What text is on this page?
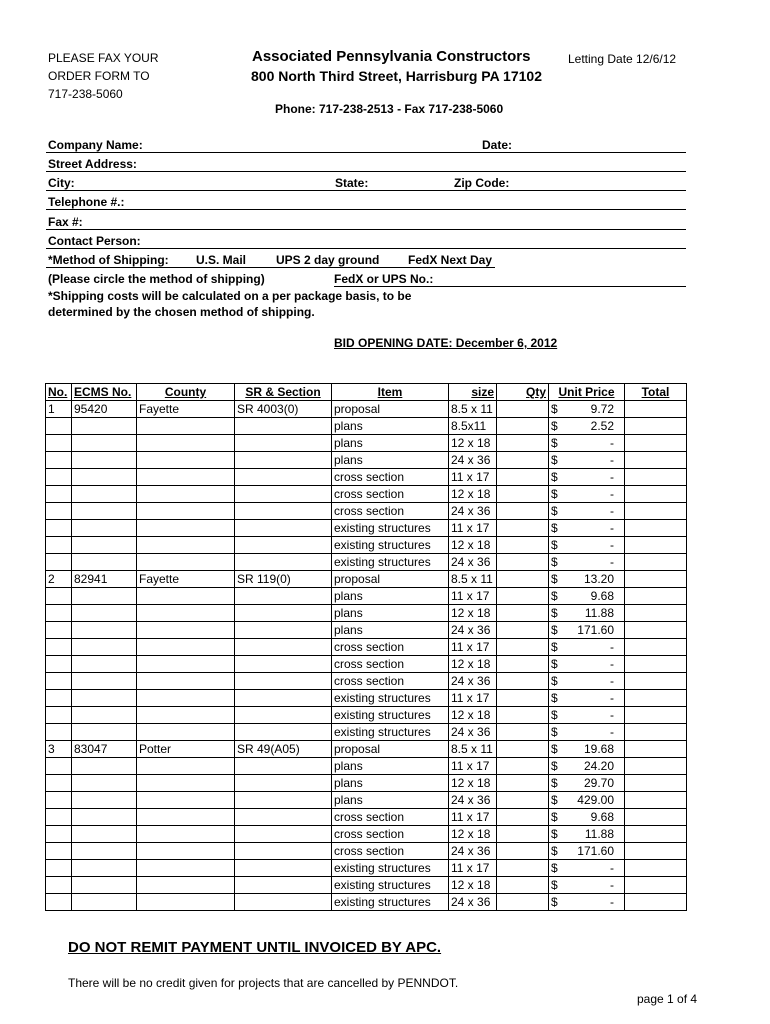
PLEASE FAX YOUR
ORDER FORM TO
717-238-5060
Associated Pennsylvania Constructors
800 North Third Street, Harrisburg PA 17102
Phone: 717-238-2513 - Fax 717-238-5060
Letting Date 12/6/12
Company Name:	Date:
Street Address:
City:	State:	Zip Code:
Telephone #.:
Fax #:
Contact Person:
*Method of Shipping: U.S. Mail UPS 2 day ground FedX Next Day
(Please circle the method of shipping)	FedX or UPS No.:
*Shipping costs will be calculated on a per package basis, to be
determined by the chosen method of shipping.
BID OPENING DATE: December 6, 2012
No.	ECMS No.	County	SR & Section	Item	size	Qty	Unit Price	Total
1	95420	Fayette	SR 4003(0)	proposal	8.5 x 11		$ 9.72	

				plans	8.5x11		$ 2.52	

				plans	12 x 18		$ -	

				plans	24 x 36		$ -	

				cross section	11 x 17		$ -	

				cross section	12 x 18		$ -	

				cross section	24 x 36		$ -	

				existing structures	11 x 17		$ -	

				existing structures	12 x 18		$ -	

				existing structures	24 x 36		$ -	

2	82941	Fayette	SR 119(0)	proposal	8.5 x 11		$ 13.20	

				plans	11 x 17		$ 9.68	

				plans	12 x 18		$ 11.88	

				plans	24 x 36		$ 171.60	

				cross section	11 x 17		$ -	

				cross section	12 x 18		$ -	

				cross section	24 x 36		$ -	

				existing structures	11 x 17		$ -	

				existing structures	12 x 18		$ -	

				existing structures	24 x 36		$ -	

3	83047	Potter	SR 49(A05)	proposal	8.5 x 11		$ 19.68	

				plans	11 x 17		$ 24.20	

				plans	12 x 18		$ 29.70	

				plans	24 x 36		$ 429.00	

				cross section	11 x 17		$ 9.68	

				cross section	12 x 18		$ 11.88	

				cross section	24 x 36		$ 171.60	

				existing structures	11 x 17		$ -	

				existing structures	12 x 18		$ -	

				existing structures	24 x 36		$ -	

DO NOT REMIT PAYMENT UNTIL INVOICED BY APC.
There will be no credit given for projects that are cancelled by PENNDOT.
page 1 of 4
